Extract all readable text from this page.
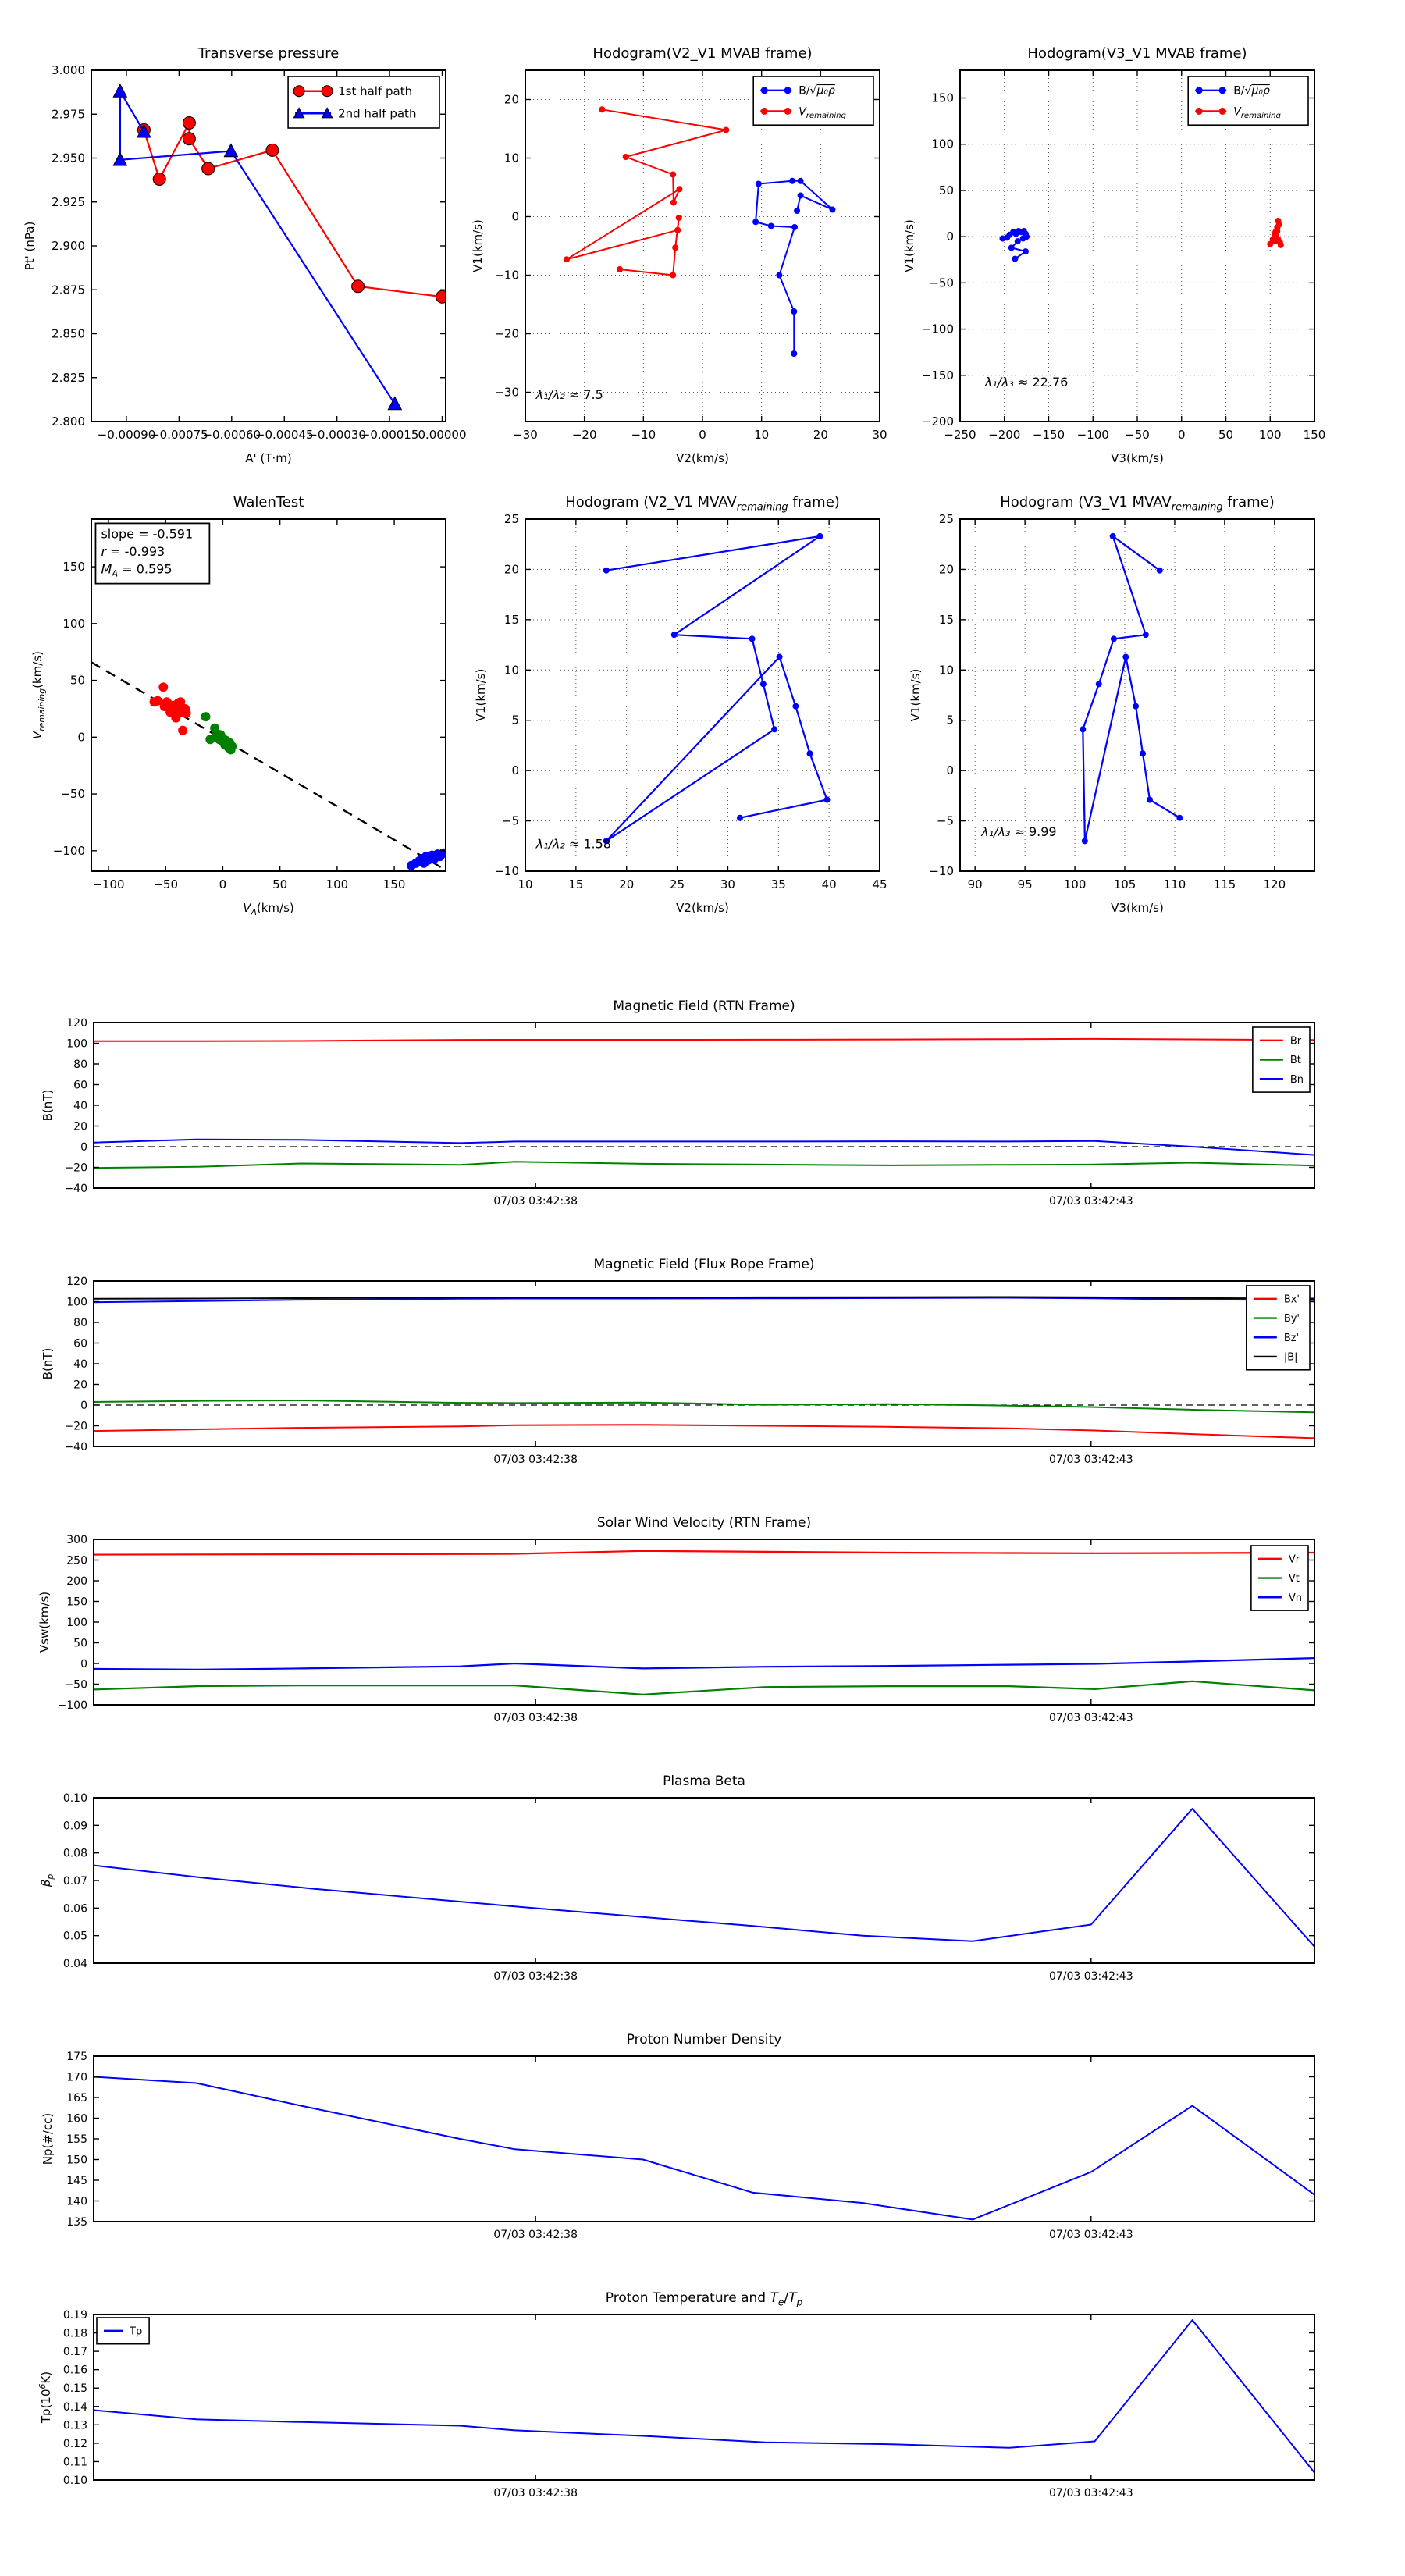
−0.00090
−0.00075
−0.00060
−0.00045
−0.00030
−0.00015 0.00000
2.800
2.825
2.850
2.875
2.900
2.925
2.950
2.975
3.000
Transverse pressure
A' (T·m)
Pt' (nPa)
1st half path
2nd half path
−30	−20	−10	0	10	20	30
−30
−20
−10
0
10
20
Hodogram(V2_V1 MVAB frame)
V2(km/s)
V1(km/s)
λ₁/λ₂ ≈ 7.5
B/√μ₀ρ
$V_{remaining}$
−250 −200 −150 −100 −50 0	50 100 150
−200
−150
−100
−50
0
50
100
150
Hodogram(V3_V1 MVAB frame)
V3(km/s)
V1(km/s)
λ₁/λ₃ ≈ 22.76
B/√μ₀ρ
$V_{remaining}$
−100 −50	0	50	100	150
−100
−50
0
50
100
150
WalenTest
$V_A(km/s)$
$V_{remaining}(km/s)$
slope = -0.591
r = -0.993
$M_A = 0.595$
10	15	20	25	30	35	40	45
−10
−5
0
5
10
15
20
25
Hodogram (V2_V1 $MVAV_{remaining}$ frame)
V2(km/s)
V1(km/s)
λ₁/λ₂ ≈ 1.58
90	95	100 105 110 115 120
−10
−5
0
5
10
15
20
25
Hodogram (V3_V1 $MVAV_{remaining}$ frame)
V3(km/s)
V1(km/s)
λ₁/λ₃ ≈ 9.99
07/03 03:42:38	07/03 03:42:43
−40
−20
0
20
40
60
80
100
120
Magnetic Field (RTN Frame)
B(nT)
Br
Bt
Bn
07/03 03:42:38	07/03 03:42:43
−40
−20
0
20
40
60
80
100
120
Magnetic Field (Flux Rope Frame)
B(nT)
Bx'
By'
Bz'
|B|
07/03 03:42:38	07/03 03:42:43
−100
−50
0
50
100
150
200
250
300
Solar Wind Velocity (RTN Frame)
Vsw(km/s)
Vr
Vt
Vn
07/03 03:42:38	07/03 03:42:43
0.04
0.05
0.06
0.07
0.08
0.09
0.10
Plasma Beta
$\beta_p$
07/03 03:42:38	07/03 03:42:43
135
140
145
150
155
160
165
170
175
Proton Number Density
Np(#/cc)
07/03 03:42:38	07/03 03:42:43
0.10
0.11
0.12
0.13
0.14
0.15
0.16
0.17
0.18
0.19
Proton Temperature and $T_e/T_p$
$Tp(10^6K)$
Tp
